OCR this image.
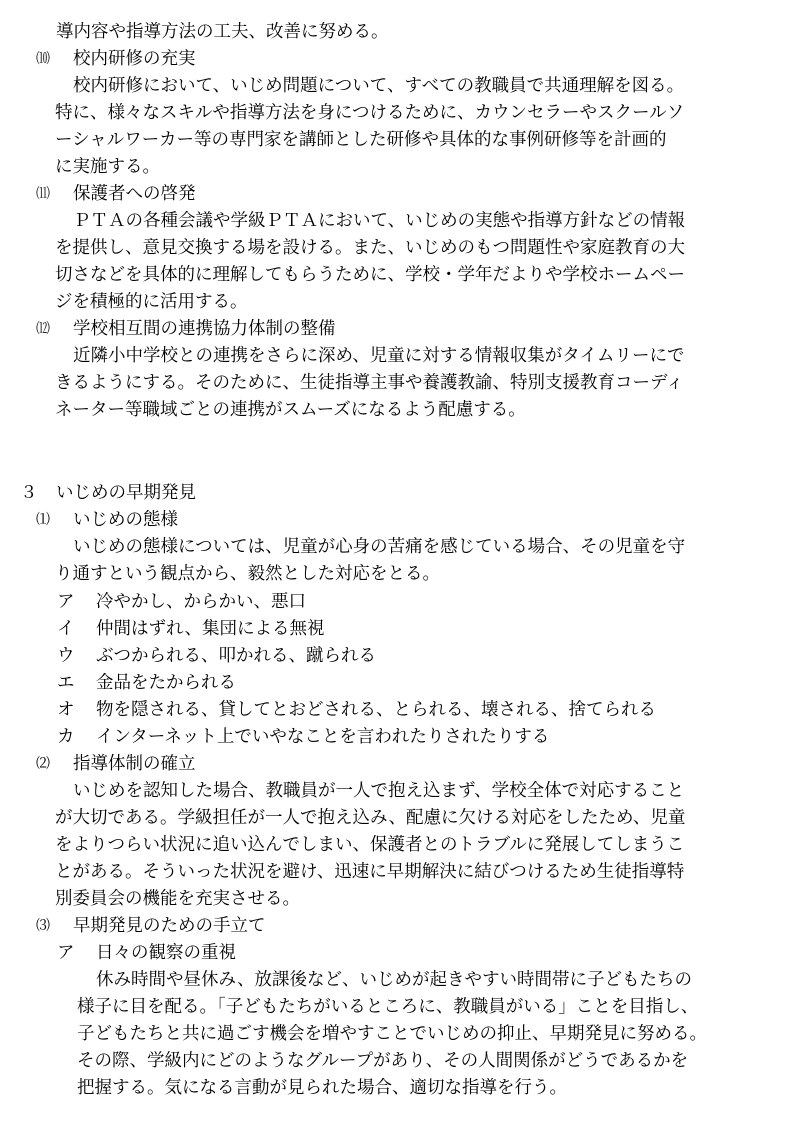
導内容や指導方法の工夫、改善に努める。
⑽ 校内研修の充実
校内研修において、いじめ問題について、すべての教職員で共通理解を図る。
特に、様々なスキルや指導方法を身につけるために、カウンセラーやスクールソ
ーシャルワーカー等の専門家を講師とした研修や具体的な事例研修等を計画的
に実施する。
⑾ 保護者への啓発
ＰＴＡの各種会議や学級ＰＴＡにおいて、いじめの実態や指導方針などの情報
を提供し、意見交換する場を設ける。また、いじめのもつ問題性や家庭教育の大
切さなどを具体的に理解してもらうために、学校・学年だよりや学校ホームペー
ジを積極的に活用する。
⑿ 学校相互間の連携協力体制の整備
近隣小中学校との連携をさらに深め、児童に対する情報収集がタイムリーにで
きるようにする。そのために、生徒指導主事や養護教諭、特別支援教育コーディ
ネーター等職域ごとの連携がスムーズになるよう配慮する。
３ いじめの早期発見
⑴ いじめの態様
いじめの態様については、児童が心身の苦痛を感じている場合、その児童を守
り通すという観点から、毅然とした対応をとる。
ア 冷やかし、からかい、悪口
イ 仲間はずれ、集団による無視
ウ ぶつかられる、叩かれる、蹴られる
エ 金品をたかられる
オ 物を隠される、貸してとおどされる、とられる、壊される、捨てられる
カ インターネット上でいやなことを言われたりされたりする
⑵ 指導体制の確立
いじめを認知した場合、教職員が一人で抱え込まず、学校全体で対応すること
が大切である。学級担任が一人で抱え込み、配慮に欠ける対応をしたため、児童
をよりつらい状況に追い込んでしまい、保護者とのトラブルに発展してしまうこ
とがある。そういった状況を避け、迅速に早期解決に結びつけるため生徒指導特
別委員会の機能を充実させる。
⑶ 早期発見のための手立て
ア 日々の観察の重視
休み時間や昼休み、放課後など、いじめが起きやすい時間帯に子どもたちの
様子に目を配る。「子どもたちがいるところに、教職員がいる」ことを目指し、
子どもたちと共に過ごす機会を増やすことでいじめの抑止、早期発見に努める。
その際、学級内にどのようなグループがあり、その人間関係がどうであるかを
把握する。気になる言動が見られた場合、適切な指導を行う。
